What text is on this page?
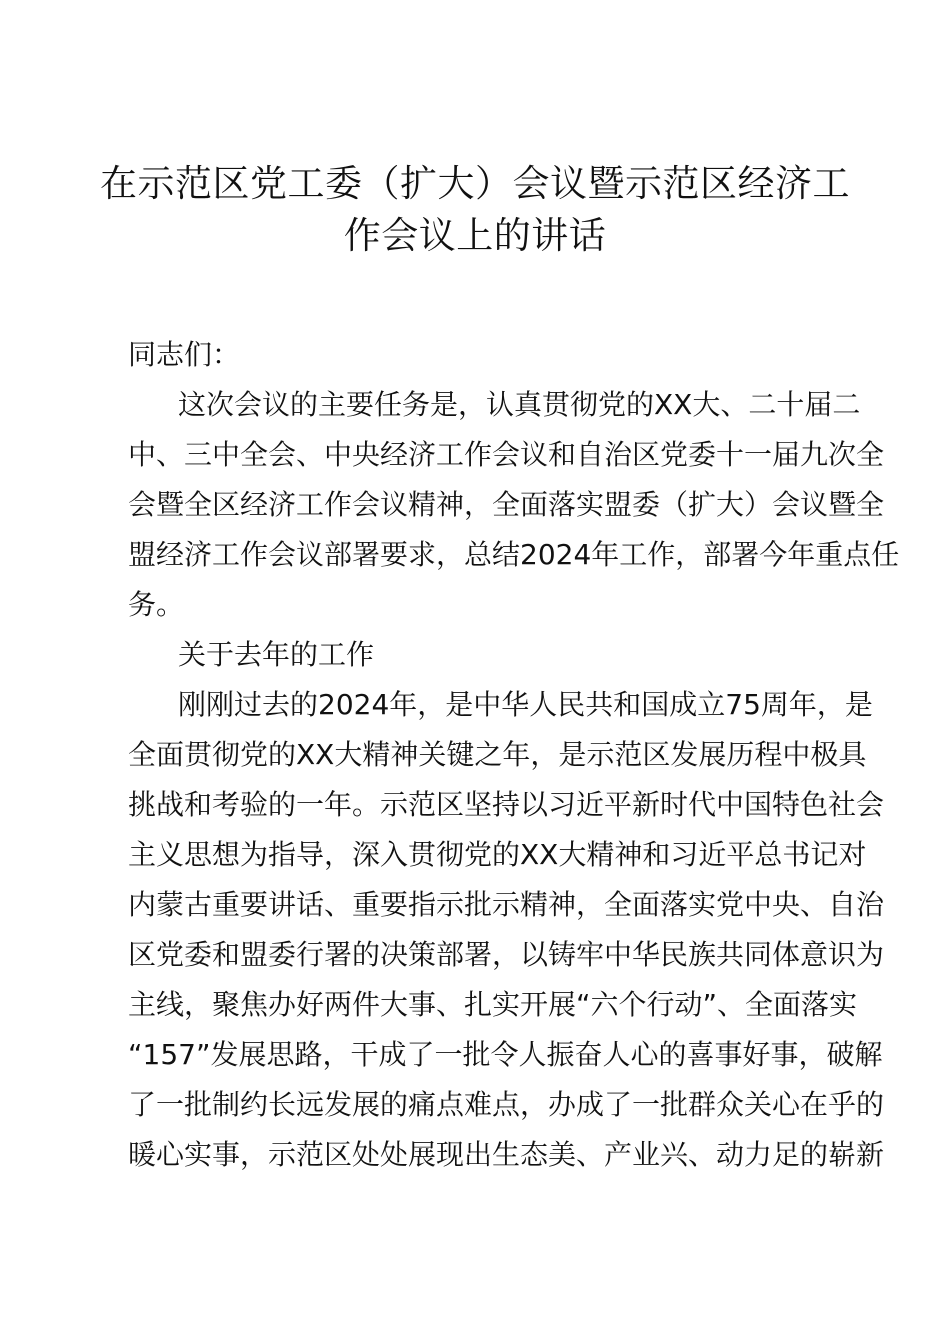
在示范区党工委（扩大）会议暨示范区经济工
作会议上的讲话
同志们：
这次会议的主要任务是，认真贯彻党的XX大、二十届二
中、三中全会、中央经济工作会议和自治区党委十一届九次全
会暨全区经济工作会议精神，全面落实盟委（扩大）会议暨全
盟经济工作会议部署要求，总结2024年工作，部署今年重点任
务。
关于去年的工作
刚刚过去的2024年，是中华人民共和国成立75周年，是
全面贯彻党的XX大精神关键之年，是示范区发展历程中极具
挑战和考验的一年。示范区坚持以习近平新时代中国特色社会
主义思想为指导，深入贯彻党的XX大精神和习近平总书记对
内蒙古重要讲话、重要指示批示精神，全面落实党中央、自治
区党委和盟委行署的决策部署，以铸牢中华民族共同体意识为
主线，聚焦办好两件大事、扎实开展“六个行动”、全面落实
“157”发展思路，干成了一批令人振奋人心的喜事好事，破解
了一批制约长远发展的痛点难点，办成了一批群众关心在乎的
暖心实事，示范区处处展现出生态美、产业兴、动力足的崭新
